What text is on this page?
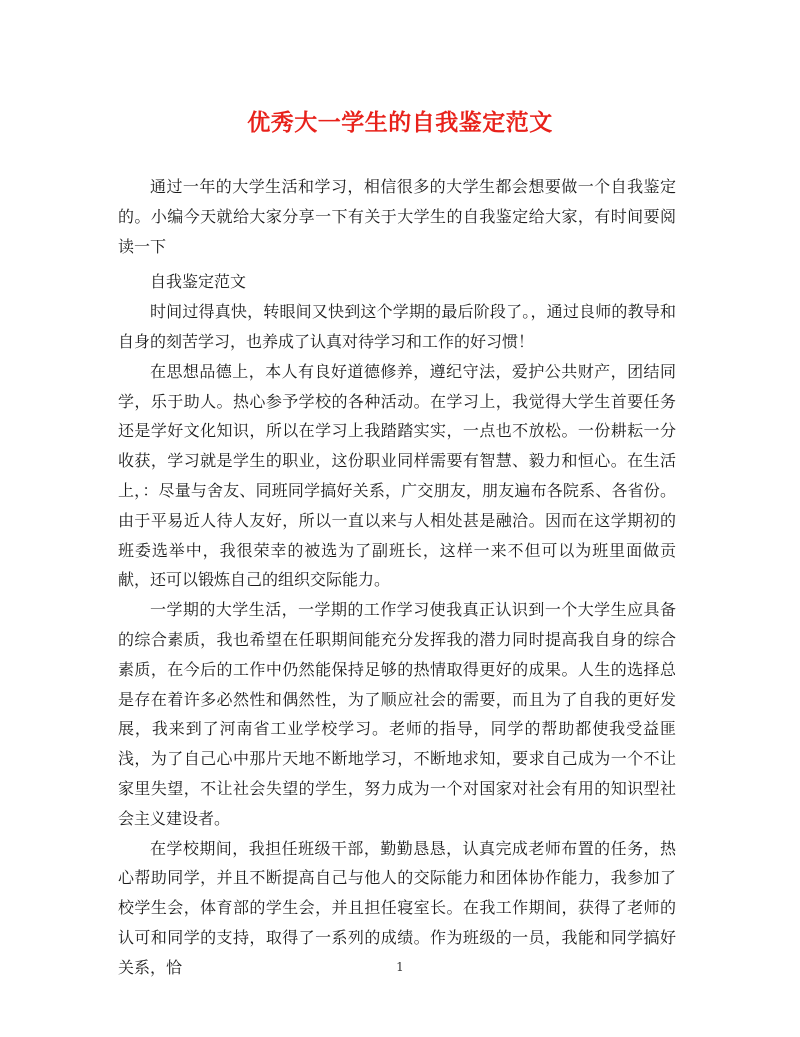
优秀大一学生的自我鉴定范文

通过一年的大学生活和学习，相信很多的大学生都会想要做一个自我鉴定的。小编今天就给大家分享一下有关于大学生的自我鉴定给大家，有时间要阅读一下

自我鉴定范文

时间过得真快，转眼间又快到这个学期的最后阶段了。，通过良师的教导和自身的刻苦学习，也养成了认真对待学习和工作的好习惯！

在思想品德上，本人有良好道德修养，遵纪守法，爱护公共财产，团结同学，乐于助人。热心参予学校的各种活动。在学习上，我觉得大学生首要任务还是学好文化知识，所以在学习上我踏踏实实，一点也不放松。一份耕耘一分收获，学习就是学生的职业，这份职业同样需要有智慧、毅力和恒心。在生活上，：尽量与舍友、同班同学搞好关系，广交朋友，朋友遍布各院系、各省份。由于平易近人待人友好，所以一直以来与人相处甚是融洽。因而在这学期初的班委选举中，我很荣幸的被选为了副班长，这样一来不但可以为班里面做贡献，还可以锻炼自己的组织交际能力。

一学期的大学生活，一学期的工作学习使我真正认识到一个大学生应具备的综合素质，我也希望在任职期间能充分发挥我的潜力同时提高我自身的综合素质，在今后的工作中仍然能保持足够的热情取得更好的成果。人生的选择总是存在着许多必然性和偶然性，为了顺应社会的需要，而且为了自我的更好发展，我来到了河南省工业学校学习。老师的指导，同学的帮助都使我受益匪浅，为了自己心中那片天地不断地学习，不断地求知，要求自己成为一个不让家里失望，不让社会失望的学生，努力成为一个对国家对社会有用的知识型社会主义建设者。

在学校期间，我担任班级干部，勤勤恳恳，认真完成老师布置的任务，热心帮助同学，并且不断提高自己与他人的交际能力和团体协作能力，我参加了校学生会，体育部的学生会，并且担任寝室长。在我工作期间，获得了老师的认可和同学的支持，取得了一系列的成绩。作为班级的一员，我能和同学搞好关系，恰	1
